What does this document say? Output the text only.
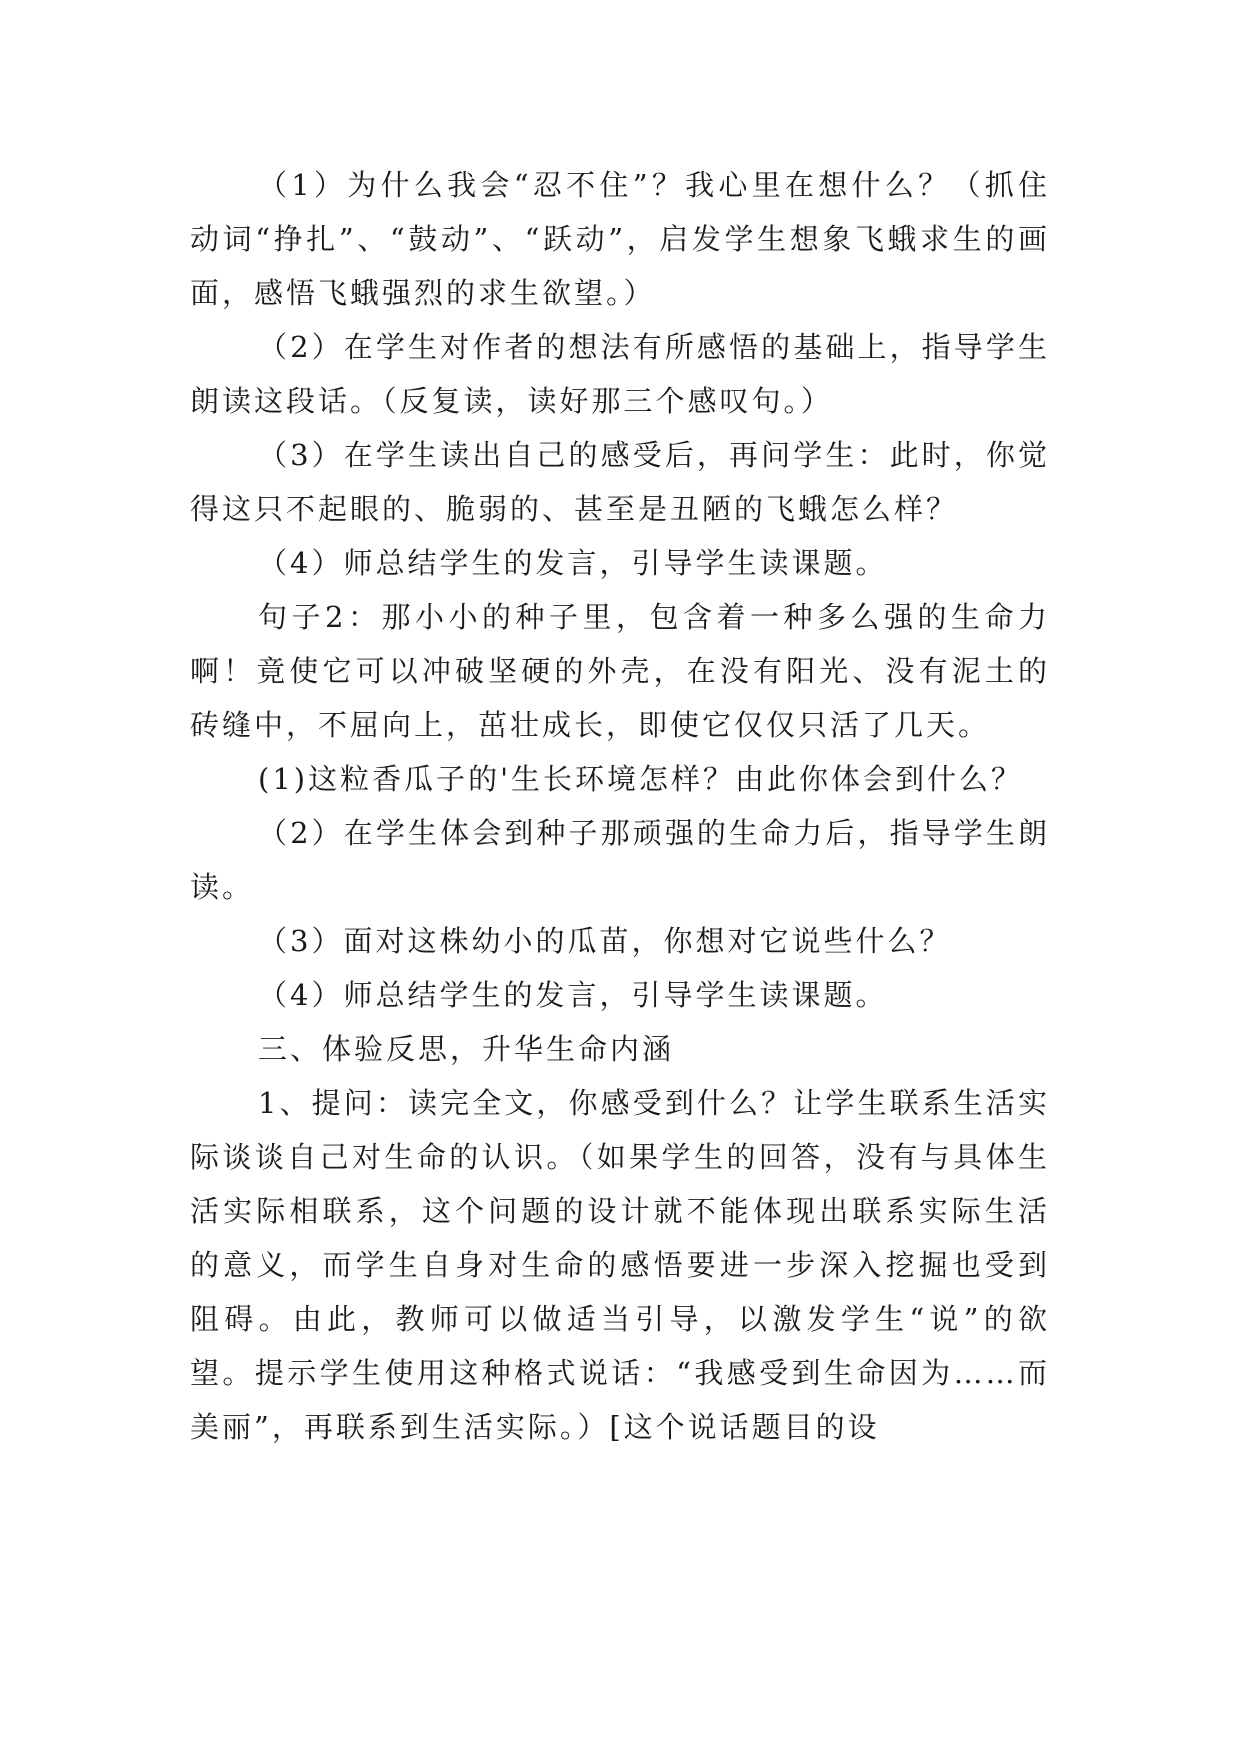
（1）为什么我会“忍不住”？我心里在想什么？（抓住动词“挣扎”、“鼓动”、“跃动”，启发学生想象飞蛾求生的画面，感悟飞蛾强烈的求生欲望。）

（2）在学生对作者的想法有所感悟的基础上，指导学生朗读这段话。（反复读，读好那三个感叹句。）

（3）在学生读出自己的感受后，再问学生：此时，你觉得这只不起眼的、脆弱的、甚至是丑陋的飞蛾怎么样？

（4）师总结学生的发言，引导学生读课题。

句子2：那小小的种子里，包含着一种多么强的生命力啊！竟使它可以冲破坚硬的外壳，在没有阳光、没有泥土的砖缝中，不屈向上，茁壮成长，即使它仅仅只活了几天。

(1)这粒香瓜子的'生长环境怎样？由此你体会到什么？

（2）在学生体会到种子那顽强的生命力后，指导学生朗读。

（3）面对这株幼小的瓜苗，你想对它说些什么？

（4）师总结学生的发言，引导学生读课题。

三、体验反思，升华生命内涵

1、提问：读完全文，你感受到什么？让学生联系生活实际谈谈自己对生命的认识。（如果学生的回答，没有与具体生活实际相联系，这个问题的设计就不能体现出联系实际生活的意义，而学生自身对生命的感悟要进一步深入挖掘也受到阻碍。由此，教师可以做适当引导，以激发学生“说”的欲望。提示学生使用这种格式说话：“我感受到生命因为……而美丽”，再联系到生活实际。）[这个说话题目的设
